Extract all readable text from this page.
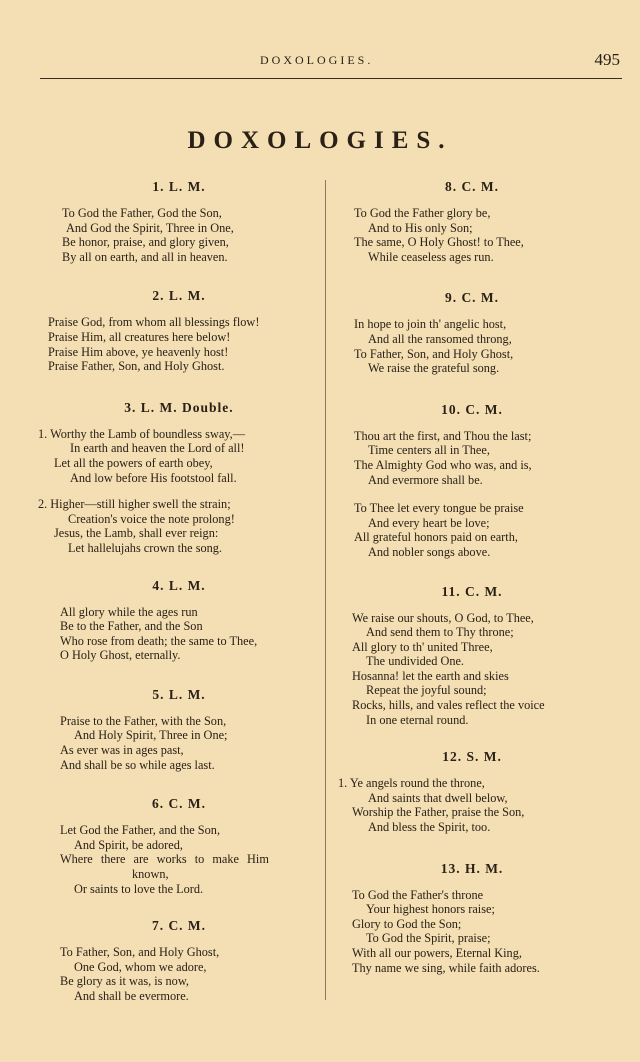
DOXOLOGIES.	495
DOXOLOGIES.
1. L. M.
To God the Father, God the Son,
And God the Spirit, Three in One,
Be honor, praise, and glory given,
By all on earth, and all in heaven.
2. L. M.
Praise God, from whom all blessings flow!
Praise Him, all creatures here below!
Praise Him above, ye heavenly host!
Praise Father, Son, and Holy Ghost.
3. L. M. Double.
1. Worthy the Lamb of boundless sway,—
In earth and heaven the Lord of all!
Let all the powers of earth obey,
And low before His footstool fall.
2. Higher—still higher swell the strain;
Creation's voice the note prolong!
Jesus, the Lamb, shall ever reign:
Let hallelujahs crown the song.
4. L. M.
All glory while the ages run
Be to the Father, and the Son
Who rose from death; the same to Thee,
O Holy Ghost, eternally.
5. L. M.
Praise to the Father, with the Son,
And Holy Spirit, Three in One;
As ever was in ages past,
And shall be so while ages last.
6. C. M.
Let God the Father, and the Son,
And Spirit, be adored,
Where there are works to make Him
known,
Or saints to love the Lord.
7. C. M.
To Father, Son, and Holy Ghost,
One God, whom we adore,
Be glory as it was, is now,
And shall be evermore.
8. C. M.
To God the Father glory be,
And to His only Son;
The same, O Holy Ghost! to Thee,
While ceaseless ages run.
9. C. M.
In hope to join th' angelic host,
And all the ransomed throng,
To Father, Son, and Holy Ghost,
We raise the grateful song.
10. C. M.
Thou art the first, and Thou the last;
Time centers all in Thee,
The Almighty God who was, and is,
And evermore shall be.
To Thee let every tongue be praise
And every heart be love;
All grateful honors paid on earth,
And nobler songs above.
11. C. M.
We raise our shouts, O God, to Thee,
And send them to Thy throne;
All glory to th' united Three,
The undivided One.
Hosanna! let the earth and skies
Repeat the joyful sound;
Rocks, hills, and vales reflect the voice
In one eternal round.
12. S. M.
1. Ye angels round the throne,
And saints that dwell below,
Worship the Father, praise the Son,
And bless the Spirit, too.
13. H. M.
To God the Father's throne
Your highest honors raise;
Glory to God the Son;
To God the Spirit, praise;
With all our powers, Eternal King,
Thy name we sing, while faith adores.
